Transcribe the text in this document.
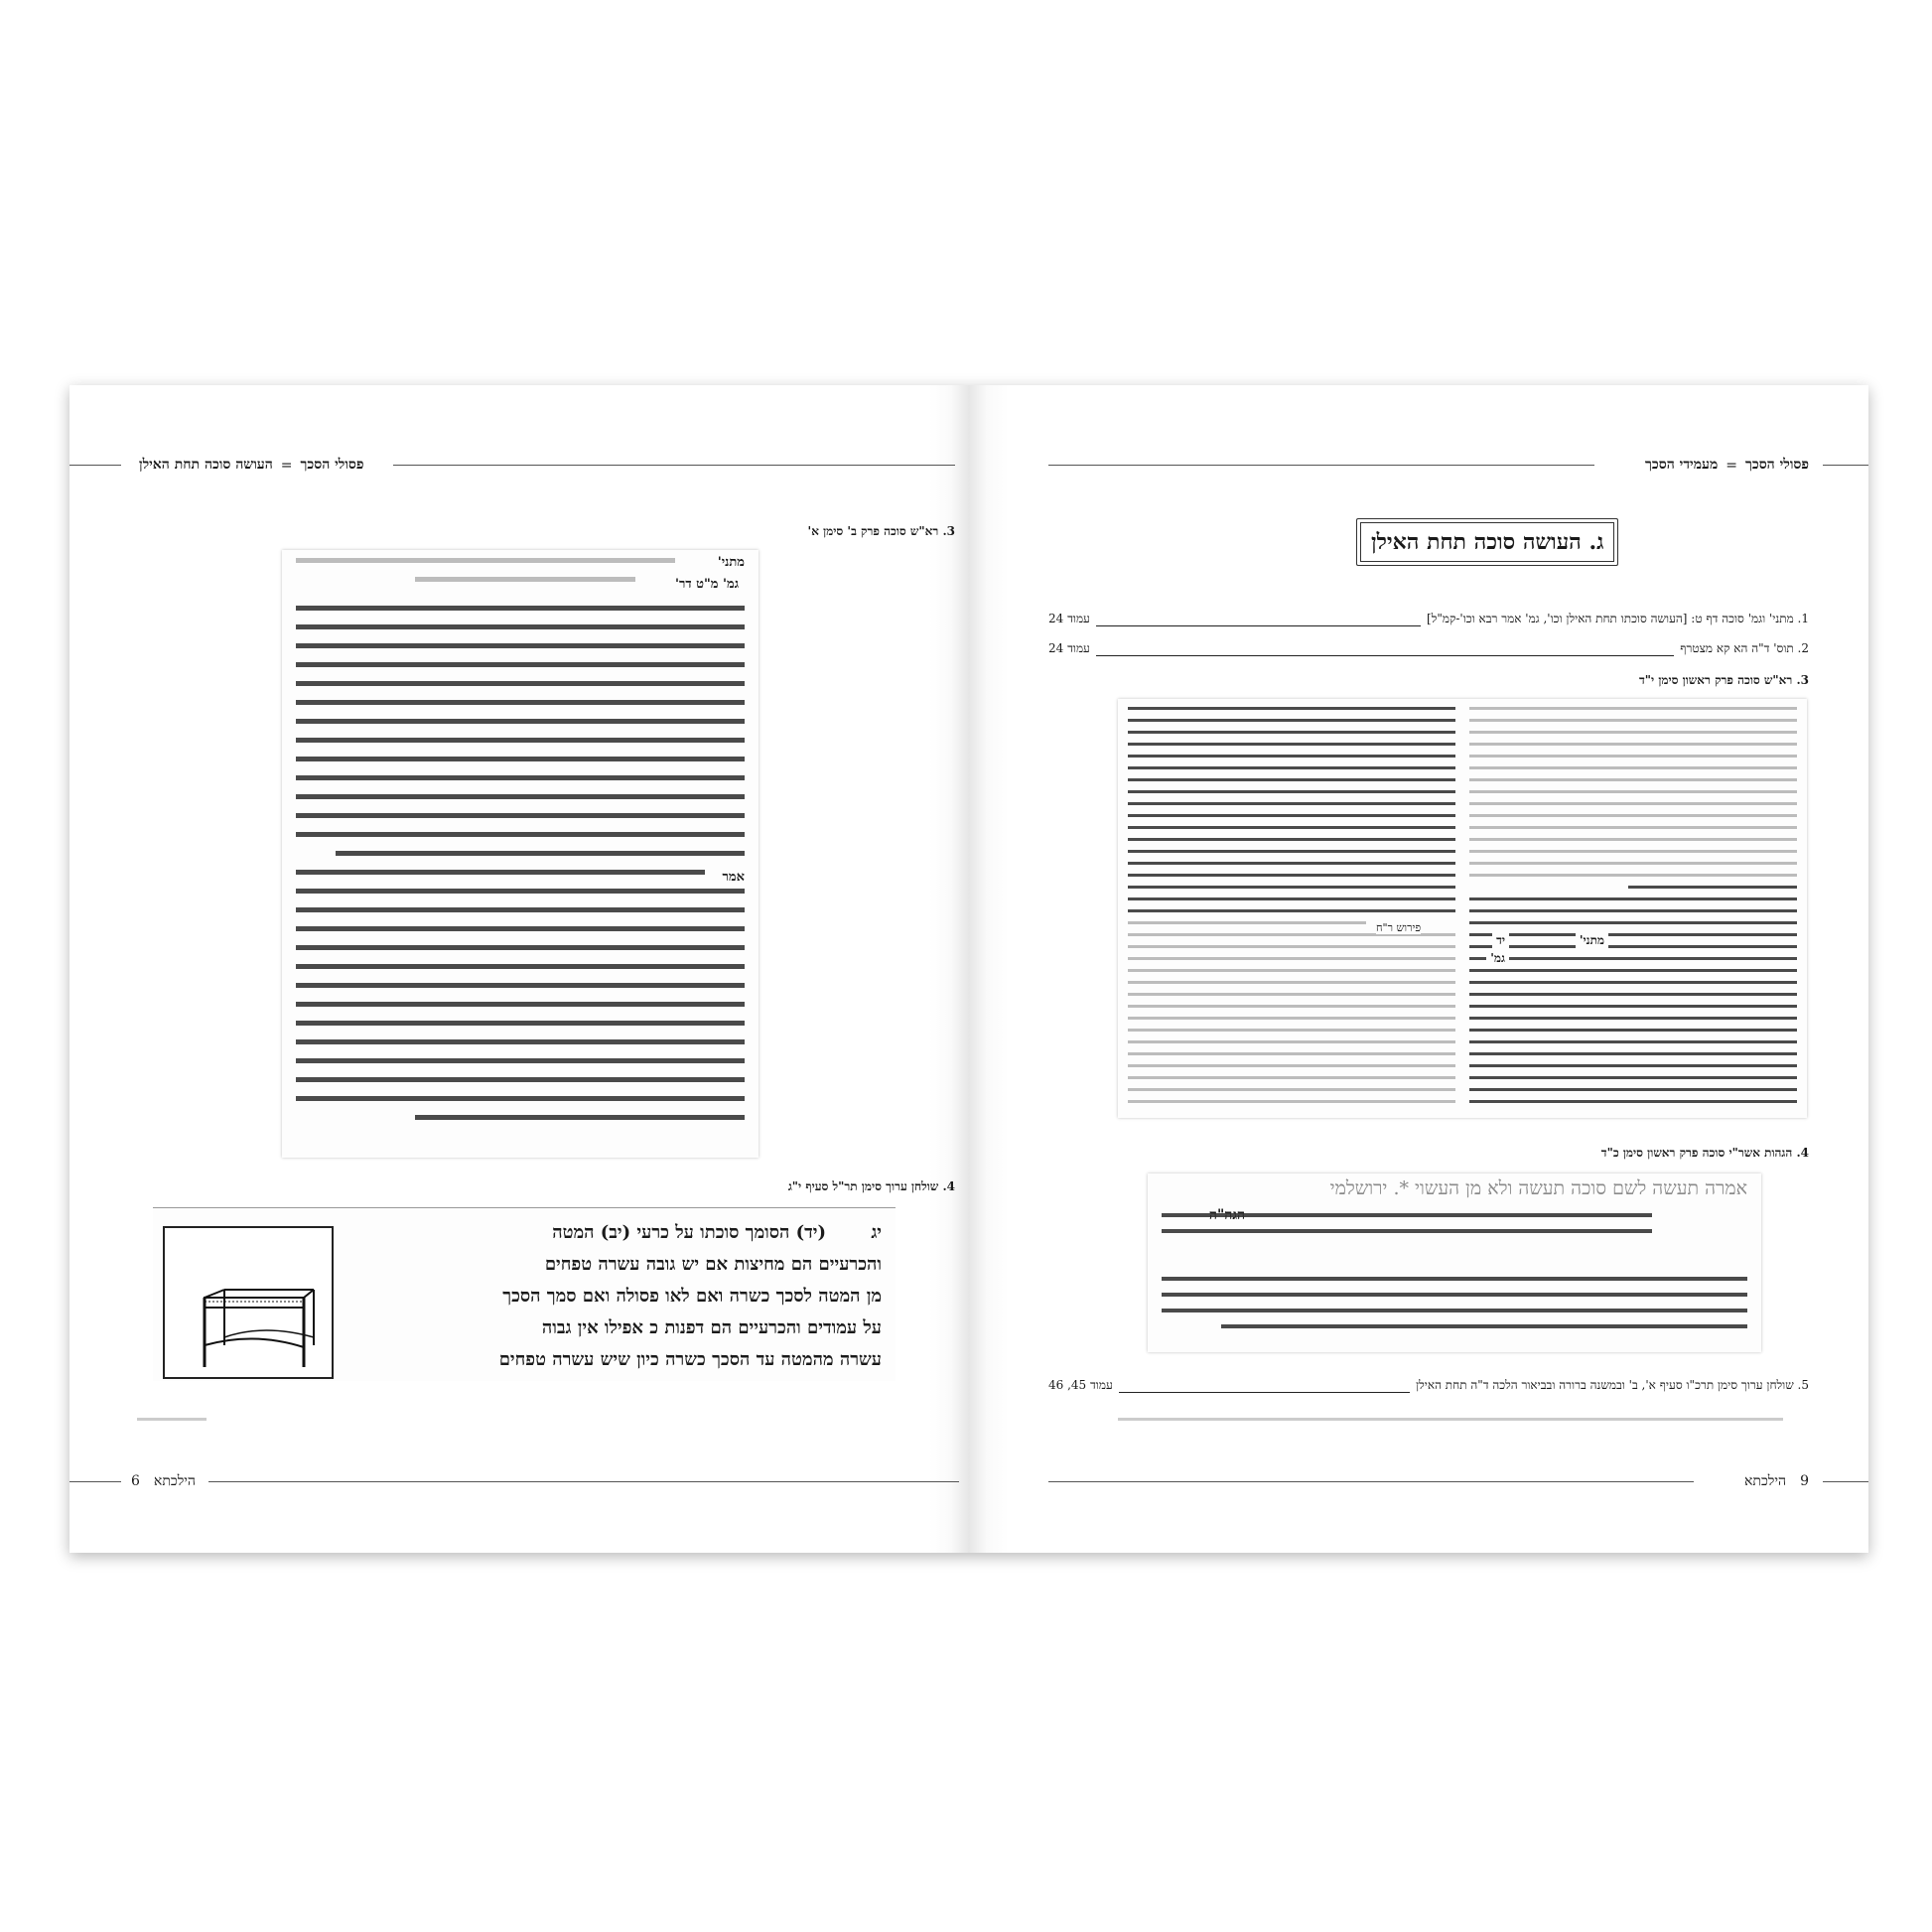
פסולי הסכך
=
העושה סוכה תחת האילן
3. רא"ש סוכה פרק ב' סימן א'
מתני'
גמ' מ"ט דר'
אמר
4. שולחן ערוך סימן תר"ל סעיף י"ג
יג
(יד) הסומך סוכתו על כרעי (יב) המטה
והכרעיים הם מחיצות אם יש גובה עשרה טפחים
מן המטה לסכך כשרה ואם לאו פסולה ואם סמך הסכך
על עמודים והכרעיים הם דפנות כ אפילו אין גבוה
עשרה מהמטה עד הסכך כשרה כיון שיש עשרה טפחים
הילכתא
6
פסולי הסכך
=
מעמידי הסכך
ג. העושה סוכה תחת האילן
1. מתני' וגמ' סוכה דף ט: [העושה סוכתו תחת האילן וכו', גמ' אמר רבא וכו'-קמ"ל]
עמוד 24
2. תוס' ד"ה הא קא מצטרף
עמוד 24
3. רא"ש סוכה פרק ראשון סימן י"ד
מתני'
יד
גמ'
פירוש ר"ח
4. הגהות אשר"י סוכה פרק ראשון סימן כ"ד
אמרה תעשה לשם סוכה תעשה ולא מן העשוי *. ירושלמי
5. שולחן ערוך סימן תרכ"ו סעיף א', ב' ובמשנה ברורה ובביאור הלכה ד"ה תחת האילן
עמוד 45, 46
9
הילכתא
